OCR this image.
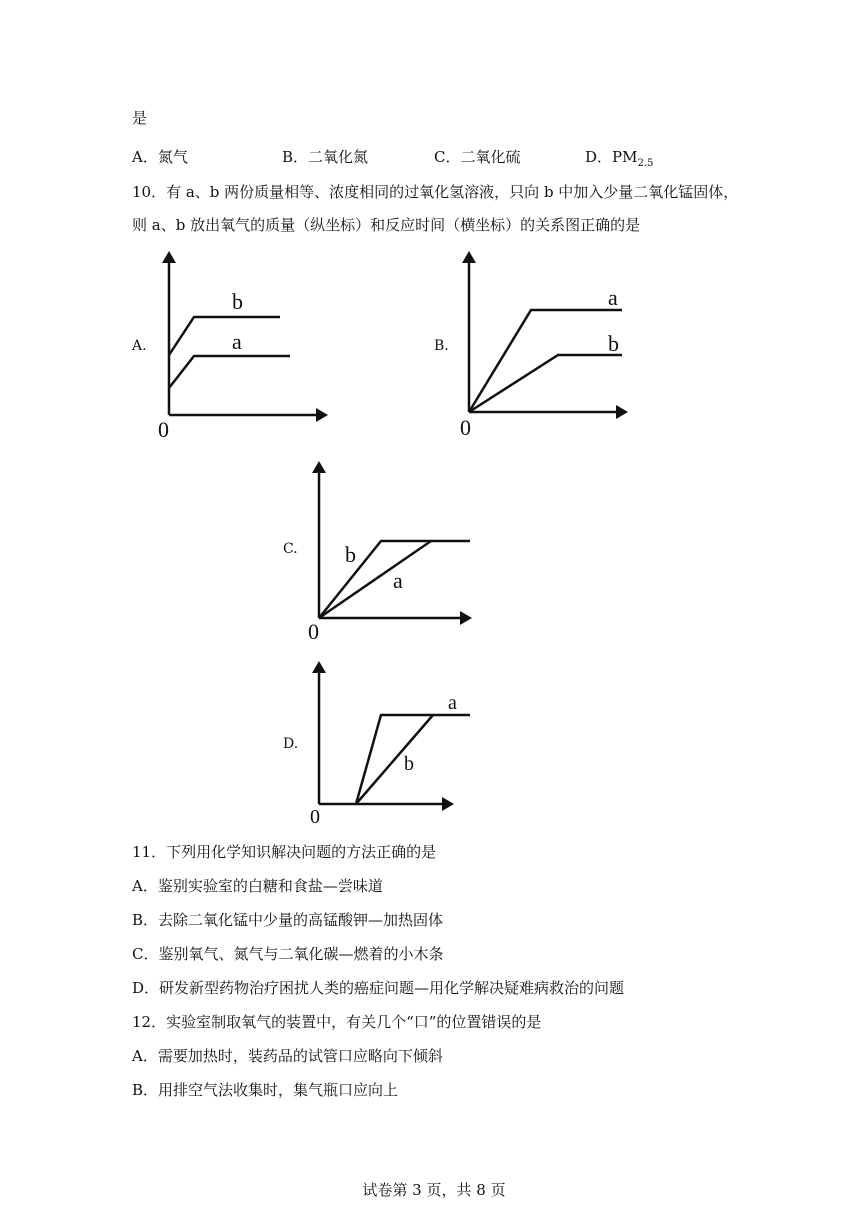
是
A．氮气	B．二氧化氮	C．二氧化硫	D．$PM_{2.5}$
10．有 a、b 两份质量相等、浓度相同的过氧化氢溶液，只向 b 中加入少量二氧化锰固体，
则 a、b 放出氧气的质量（纵坐标）和反应时间（横坐标）的关系图正确的是
A.
0
b
a	B.
0
a
b
C.
0
b
a
D.
0
a
b
11．下列用化学知识解决问题的方法正确的是
A．鉴别实验室的白糖和食盐—尝味道
B．去除二氧化锰中少量的高锰酸钾—加热固体
C．鉴别氧气、氮气与二氧化碳—燃着的小木条
D．研发新型药物治疗困扰人类的癌症问题—用化学解决疑难病救治的问题
12．实验室制取氧气的装置中，有关几个“口”的位置错误的是
A．需要加热时，装药品的试管口应略向下倾斜
B．用排空气法收集时，集气瓶口应向上
试卷第 3 页，共 8 页
